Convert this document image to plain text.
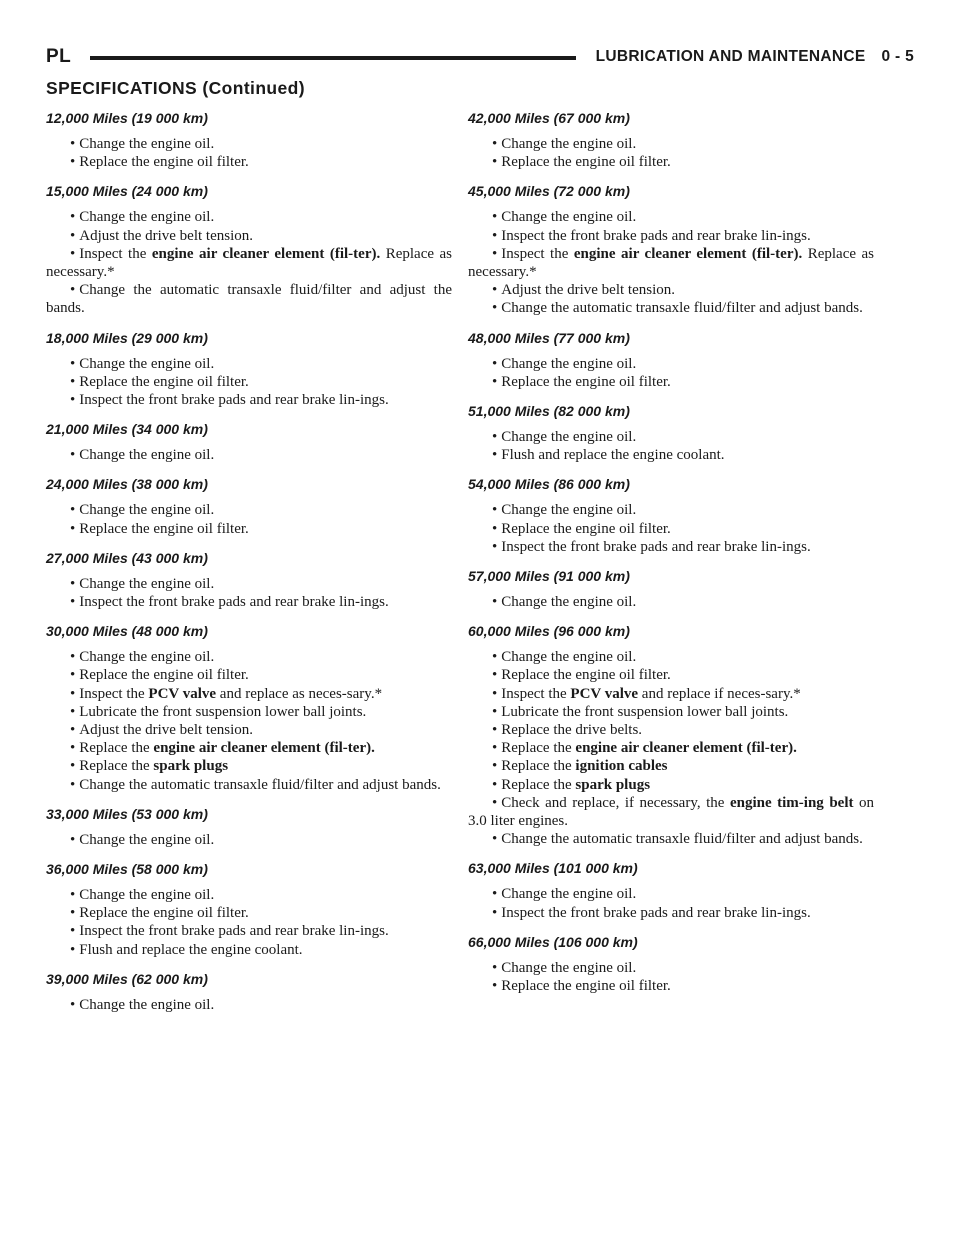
PL	LUBRICATION AND MAINTENANCE 0 - 5
SPECIFICATIONS (Continued)
12,000 Miles (19 000 km)

• Change the engine oil.

• Replace the engine oil filter.

15,000 Miles (24 000 km)

• Change the engine oil.

• Adjust the drive belt tension.

• Inspect the engine air cleaner element (fil-ter). Replace as necessary.*

• Change the automatic transaxle fluid/filter and adjust the bands.

18,000 Miles (29 000 km)

• Change the engine oil.

• Replace the engine oil filter.

• Inspect the front brake pads and rear brake lin-ings.

21,000 Miles (34 000 km)

• Change the engine oil.

24,000 Miles (38 000 km)

• Change the engine oil.

• Replace the engine oil filter.

27,000 Miles (43 000 km)

• Change the engine oil.

• Inspect the front brake pads and rear brake lin-ings.

30,000 Miles (48 000 km)

• Change the engine oil.

• Replace the engine oil filter.

• Inspect the PCV valve and replace as neces-sary.*

• Lubricate the front suspension lower ball joints.

• Adjust the drive belt tension.

• Replace the engine air cleaner element (fil-ter).

• Replace the spark plugs

• Change the automatic transaxle fluid/filter and adjust bands.

33,000 Miles (53 000 km)

• Change the engine oil.

36,000 Miles (58 000 km)

• Change the engine oil.

• Replace the engine oil filter.

• Inspect the front brake pads and rear brake lin-ings.

• Flush and replace the engine coolant.

39,000 Miles (62 000 km)

• Change the engine oil.

42,000 Miles (67 000 km)

• Change the engine oil.

• Replace the engine oil filter.

45,000 Miles (72 000 km)

• Change the engine oil.

• Inspect the front brake pads and rear brake lin-ings.

• Inspect the engine air cleaner element (fil-ter). Replace as necessary.*

• Adjust the drive belt tension.

• Change the automatic transaxle fluid/filter and adjust bands.

48,000 Miles (77 000 km)

• Change the engine oil.

• Replace the engine oil filter.

51,000 Miles (82 000 km)

• Change the engine oil.

• Flush and replace the engine coolant.

54,000 Miles (86 000 km)

• Change the engine oil.

• Replace the engine oil filter.

• Inspect the front brake pads and rear brake lin-ings.

57,000 Miles (91 000 km)

• Change the engine oil.

60,000 Miles (96 000 km)

• Change the engine oil.

• Replace the engine oil filter.

• Inspect the PCV valve and replace if neces-sary.*

• Lubricate the front suspension lower ball joints.

• Replace the drive belts.

• Replace the engine air cleaner element (fil-ter).

• Replace the ignition cables

• Replace the spark plugs

• Check and replace, if necessary, the engine tim-ing belt on 3.0 liter engines.

• Change the automatic transaxle fluid/filter and adjust bands.

63,000 Miles (101 000 km)

• Change the engine oil.

• Inspect the front brake pads and rear brake lin-ings.

66,000 Miles (106 000 km)

• Change the engine oil.

• Replace the engine oil filter.
